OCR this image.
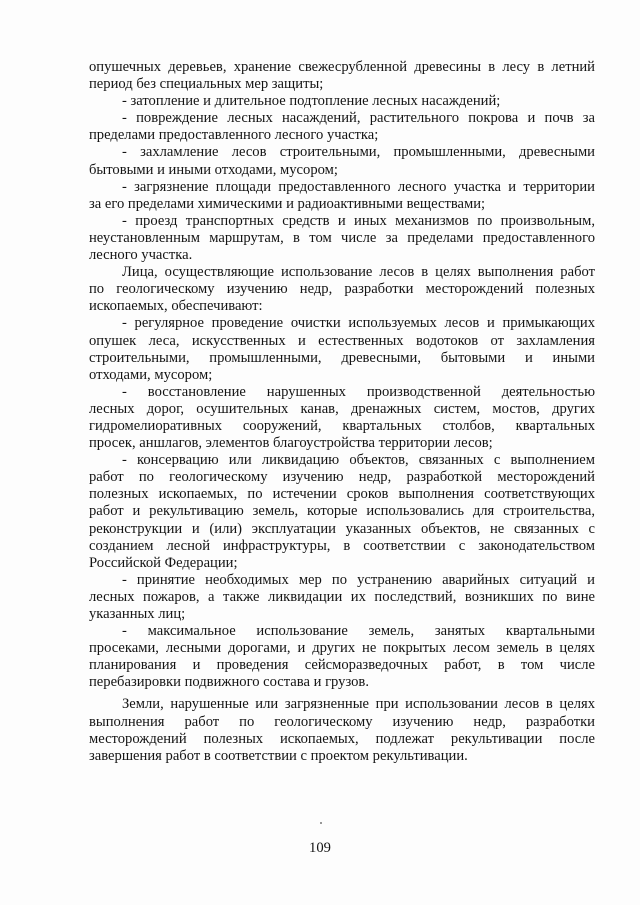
опушечных деревьев, хранение свежесрубленной древесины в лесу в летний
период без специальных мер защиты;
- затопление и длительное подтопление лесных насаждений;
- повреждение лесных насаждений, растительного покрова и почв за
пределами предоставленного лесного участка;
- захламление лесов строительными, промышленными, древесными
бытовыми и иными отходами, мусором;
- загрязнение площади предоставленного лесного участка и территории
за его пределами химическими и радиоактивными веществами;
- проезд транспортных средств и иных механизмов по произвольным,
неустановленным маршрутам, в том числе за пределами предоставленного
лесного участка.
Лица, осуществляющие использование лесов в целях выполнения работ
по геологическому изучению недр, разработки месторождений полезных
ископаемых, обеспечивают:
- регулярное проведение очистки используемых лесов и примыкающих
опушек леса, искусственных и естественных водотоков от захламления
строительными, промышленными, древесными, бытовыми и иными
отходами, мусором;
- восстановление нарушенных производственной деятельностью
лесных дорог, осушительных канав, дренажных систем, мостов, других
гидромелиоративных сооружений, квартальных столбов, квартальных
просек, аншлагов, элементов благоустройства территории лесов;
- консервацию или ликвидацию объектов, связанных с выполнением
работ по геологическому изучению недр, разработкой месторождений
полезных ископаемых, по истечении сроков выполнения соответствующих
работ и рекультивацию земель, которые использовались для строительства,
реконструкции и (или) эксплуатации указанных объектов, не связанных с
созданием лесной инфраструктуры, в соответствии с законодательством
Российской Федерации;
- принятие необходимых мер по устранению аварийных ситуаций и
лесных пожаров, а также ликвидации их последствий, возникших по вине
указанных лиц;
- максимальное использование земель, занятых квартальными
просеками, лесными дорогами, и других не покрытых лесом земель в целях
планирования и проведения сейсморазведочных работ, в том числе
перебазировки подвижного состава и грузов.
Земли, нарушенные или загрязненные при использовании лесов в целях
выполнения работ по геологическому изучению недр, разработки
месторождений полезных ископаемых, подлежат рекультивации после
завершения работ в соответствии с проектом рекультивации.
109
